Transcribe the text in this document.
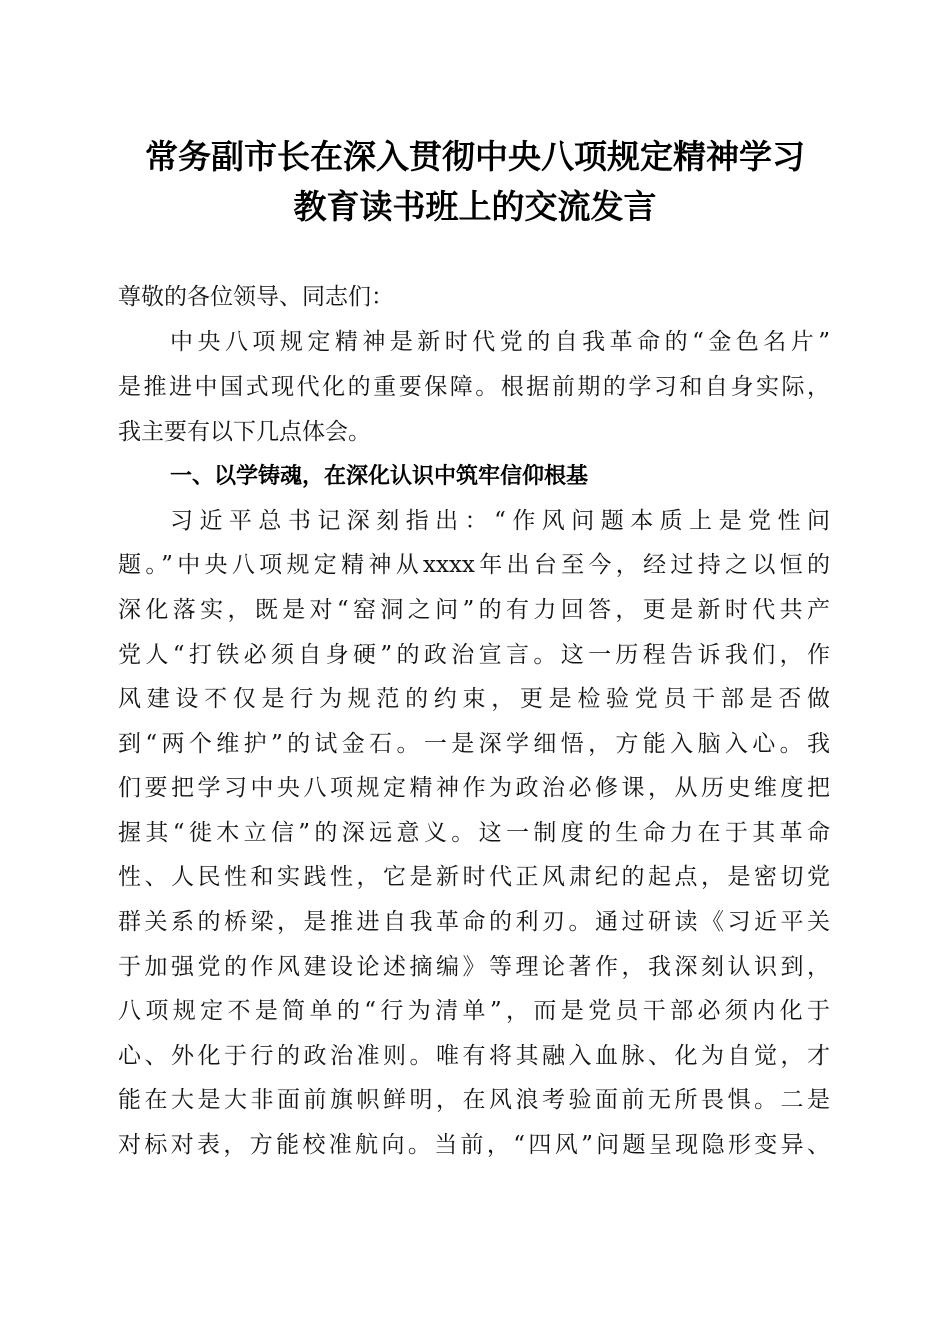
常务副市长在深入贯彻中央八项规定精神学习
教育读书班上的交流发言
尊敬的各位领导、同志们：
中央八项规定精神是新时代党的自我革命的“金色名片”
是推进中国式现代化的重要保障。根据前期的学习和自身实际，
我主要有以下几点体会。
一、以学铸魂，在深化认识中筑牢信仰根基
习近平总书记深刻指出：“作风问题本质上是党性问
题。”中央八项规定精神从xxxx年出台至今，经过持之以恒的
深化落实，既是对“窑洞之问”的有力回答，更是新时代共产
党人“打铁必须自身硬”的政治宣言。这一历程告诉我们，作
风建设不仅是行为规范的约束，更是检验党员干部是否做
到“两个维护”的试金石。一是深学细悟，方能入脑入心。我
们要把学习中央八项规定精神作为政治必修课，从历史维度把
握其“徙木立信”的深远意义。这一制度的生命力在于其革命
性、人民性和实践性，它是新时代正风肃纪的起点，是密切党
群关系的桥梁，是推进自我革命的利刃。通过研读《习近平关
于加强党的作风建设论述摘编》等理论著作，我深刻认识到，
八项规定不是简单的“行为清单”，而是党员干部必须内化于
心、外化于行的政治准则。唯有将其融入血脉、化为自觉，才
能在大是大非面前旗帜鲜明，在风浪考验面前无所畏惧。二是
对标对表，方能校准航向。当前，“四风”问题呈现隐形变异、
